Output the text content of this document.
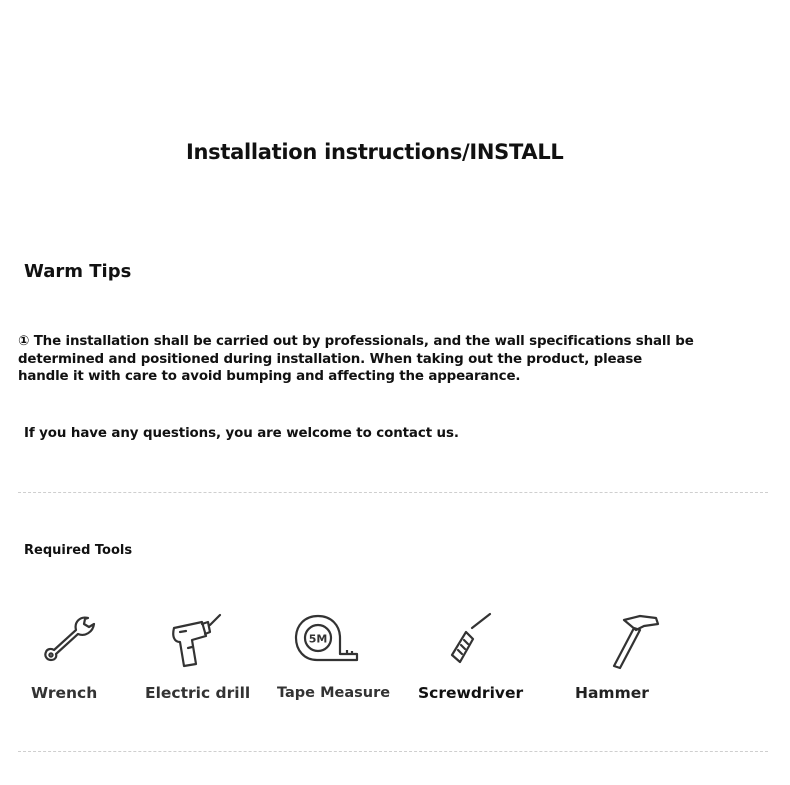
Installation instructions/INSTALL
Warm Tips

① The installation shall be carried out by professionals, and the wall specifications shall be

determined and positioned during installation. When taking out the product, please

handle it with care to avoid bumping and affecting the appearance.

If you have any questions, you are welcome to contact us.
Required Tools
5M
Wrench	Electric drill Tape Measure Screwdriver	Hammer
